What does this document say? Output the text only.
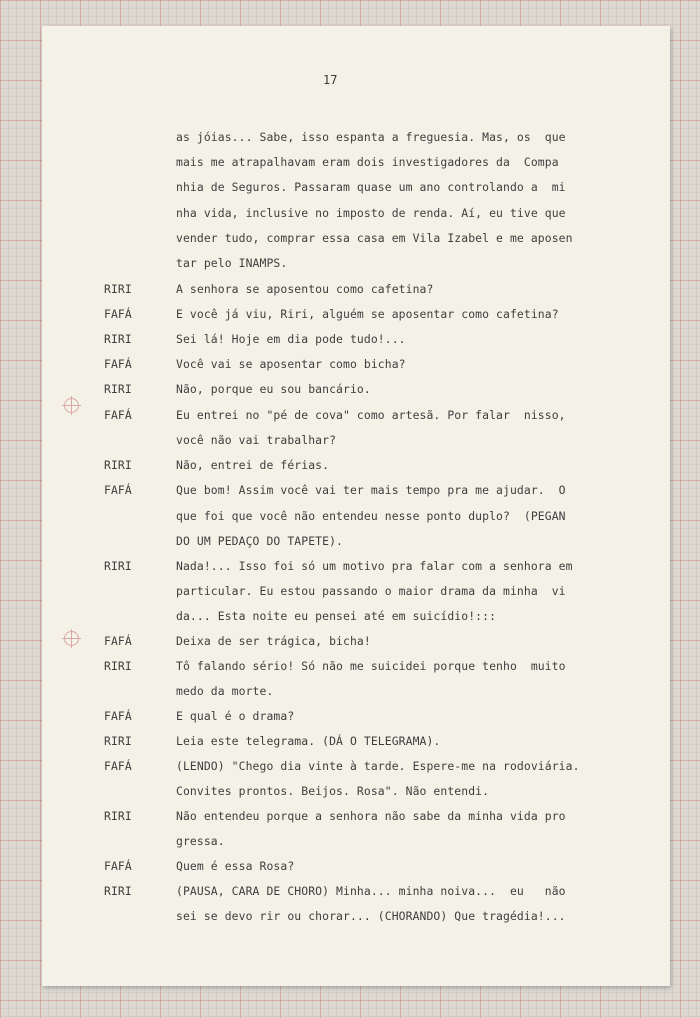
17
as jóias... Sabe, isso espanta a freguesia. Mas, os  que
mais me atrapalhavam eram dois investigadores da  Compa
nhia de Seguros. Passaram quase um ano controlando a  mi
nha vida, inclusive no imposto de renda. Aí, eu tive que
vender tudo, comprar essa casa em Vila Izabel e me aposen
tar pelo INAMPS.
RIRI	A senhora se aposentou como cafetina?
FAFÁ	E você já viu, Riri, alguém se aposentar como cafetina?
RIRI	Sei lá! Hoje em dia pode tudo!...
FAFÁ	Você vai se aposentar como bicha?
RIRI	Não, porque eu sou bancário.
FAFÁ	Eu entrei no "pé de cova" como artesã. Por falar  nisso,
você não vai trabalhar?
RIRI	Não, entrei de férias.
FAFÁ	Que bom! Assim você vai ter mais tempo pra me ajudar.  O
que foi que você não entendeu nesse ponto duplo?  (PEGAN
DO UM PEDAÇO DO TAPETE).
RIRI	Nada!... Isso foi só um motivo pra falar com a senhora em
particular. Eu estou passando o maior drama da minha  vi
da... Esta noite eu pensei até em suicídio!:::
FAFÁ	Deixa de ser trágica, bicha!
RIRI	Tô falando sério! Só não me suicidei porque tenho  muito
medo da morte.
FAFÁ	E qual é o drama?
RIRI	Leia este telegrama. (DÁ O TELEGRAMA).
FAFÁ	(LENDO) "Chego dia vinte à tarde. Espere-me na rodoviária.
Convites prontos. Beijos. Rosa". Não entendi.
RIRI	Não entendeu porque a senhora não sabe da minha vida pro
gressa.
FAFÁ	Quem é essa Rosa?
RIRI	(PAUSA, CARA DE CHORO) Minha... minha noiva...  eu   não
sei se devo rir ou chorar... (CHORANDO) Que tragédia!...
